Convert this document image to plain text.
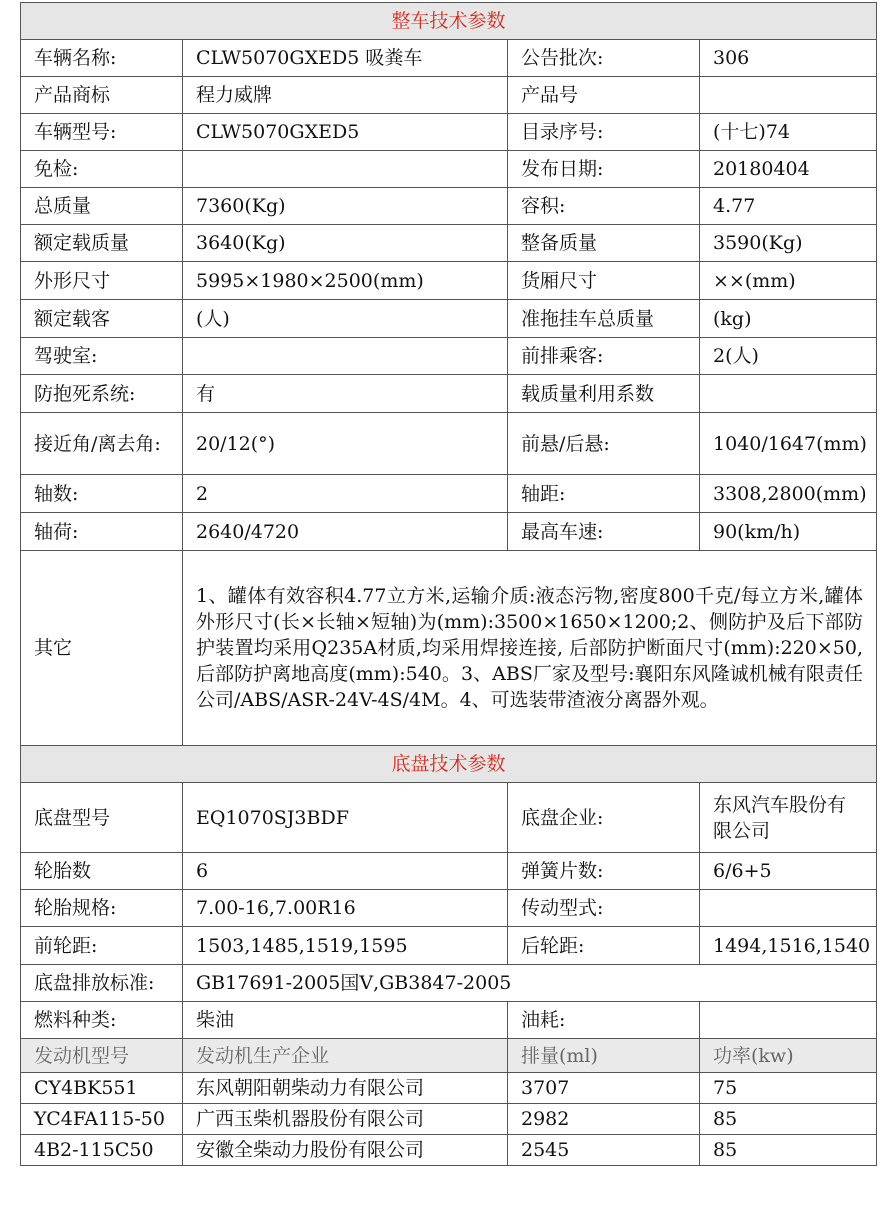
整车技术参数			
车辆名称:	CLW5070GXED5 吸粪车	公告批次:	306
产品商标	程力威牌	产品号	
车辆型号:	CLW5070GXED5	目录序号:	(十七)74
免检:		发布日期:	20180404
总质量	7360(Kg)	容积:	4.77
额定载质量	3640(Kg)	整备质量	3590(Kg)
外形尺寸	5995×1980×2500(mm)	货厢尺寸	××(mm)
额定载客	(人)	准拖挂车总质量	(kg)
驾驶室:		前排乘客:	2(人)
防抱死系统:	有	载质量利用系数	
接近角/离去角:	20/12(°)	前悬/后悬:	1040/1647(mm)
轴数:	2	轴距:	3308,2800(mm)
轴荷:	2640/4720	最高车速:	90(km/h)
其它	1、罐体有效容积4.77立方米,运输介质:液态污物,密度800千克/每立方米,罐体外形尺寸(长×长轴×短轴)为(mm):3500×1650×1200;2、侧防护及后下部防护装置均采用Q235A材质,均采用焊接连接, 后部防护断面尺寸(mm):220×50,后部防护离地高度(mm):540。3、ABS厂家及型号:襄阳东风隆诚机械有限责任公司/ABS/ASR-24V-4S/4M。4、可选装带渣液分离器外观。		
底盘技术参数			
底盘型号	EQ1070SJ3BDF	底盘企业:	东风汽车股份有限公司
轮胎数	6	弹簧片数:	6/6+5
轮胎规格:	7.00-16,7.00R16	传动型式:	
前轮距:	1503,1485,1519,1595	后轮距:	1494,1516,1540
底盘排放标准:	GB17691-2005国Ⅴ,GB3847-2005		
燃料种类:	柴油	油耗:	
发动机型号	发动机生产企业	排量(ml)	功率(kw)
CY4BK551	东风朝阳朝柴动力有限公司	3707	75
YC4FA115-50	广西玉柴机器股份有限公司	2982	85
4B2-115C50	安徽全柴动力股份有限公司	2545	85
